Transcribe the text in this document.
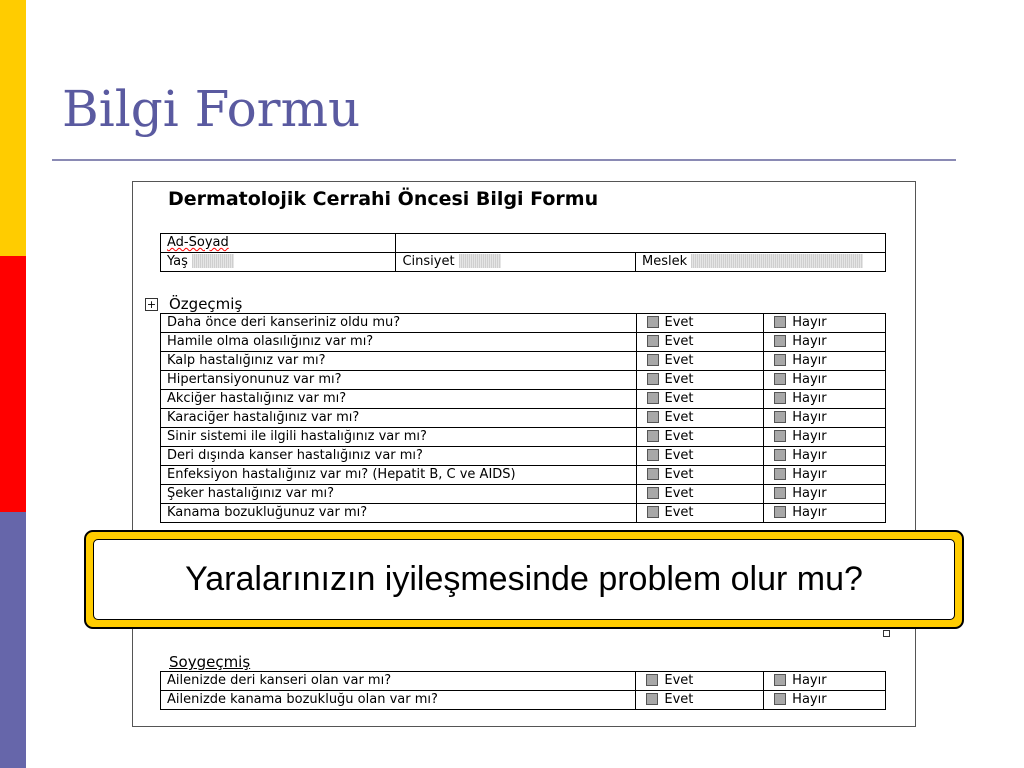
Bilgi Formu
Dermatolojik Cerrahi Öncesi Bilgi Formu
Ad-Soyad		
Yaş	Cinsiyet	Meslek
+ Özgeçmiş
Daha önce deri kanseriniz oldu mu?	Evet	Hayır
Hamile olma olasılığınız var mı?	Evet	Hayır
Kalp hastalığınız var mı?	Evet	Hayır
Hipertansiyonunuz var mı?	Evet	Hayır
Akciğer hastalığınız var mı?	Evet	Hayır
Karaciğer hastalığınız var mı?	Evet	Hayır
Sinir sistemi ile ilgili hastalığınız var mı?	Evet	Hayır
Deri dışında kanser hastalığınız var mı?	Evet	Hayır
Enfeksiyon hastalığınız var mı? (Hepatit B, C ve AIDS)	Evet	Hayır
Şeker hastalığınız var mı?	Evet	Hayır
Kanama bozukluğunuz var mı?	Evet	Hayır
Soygeçmiş
Ailenizde deri kanseri olan var mı?	Evet	Hayır
Ailenizde kanama bozukluğu olan var mı?	Evet	Hayır
Yaralarınızın iyileşmesinde problem olur mu?
